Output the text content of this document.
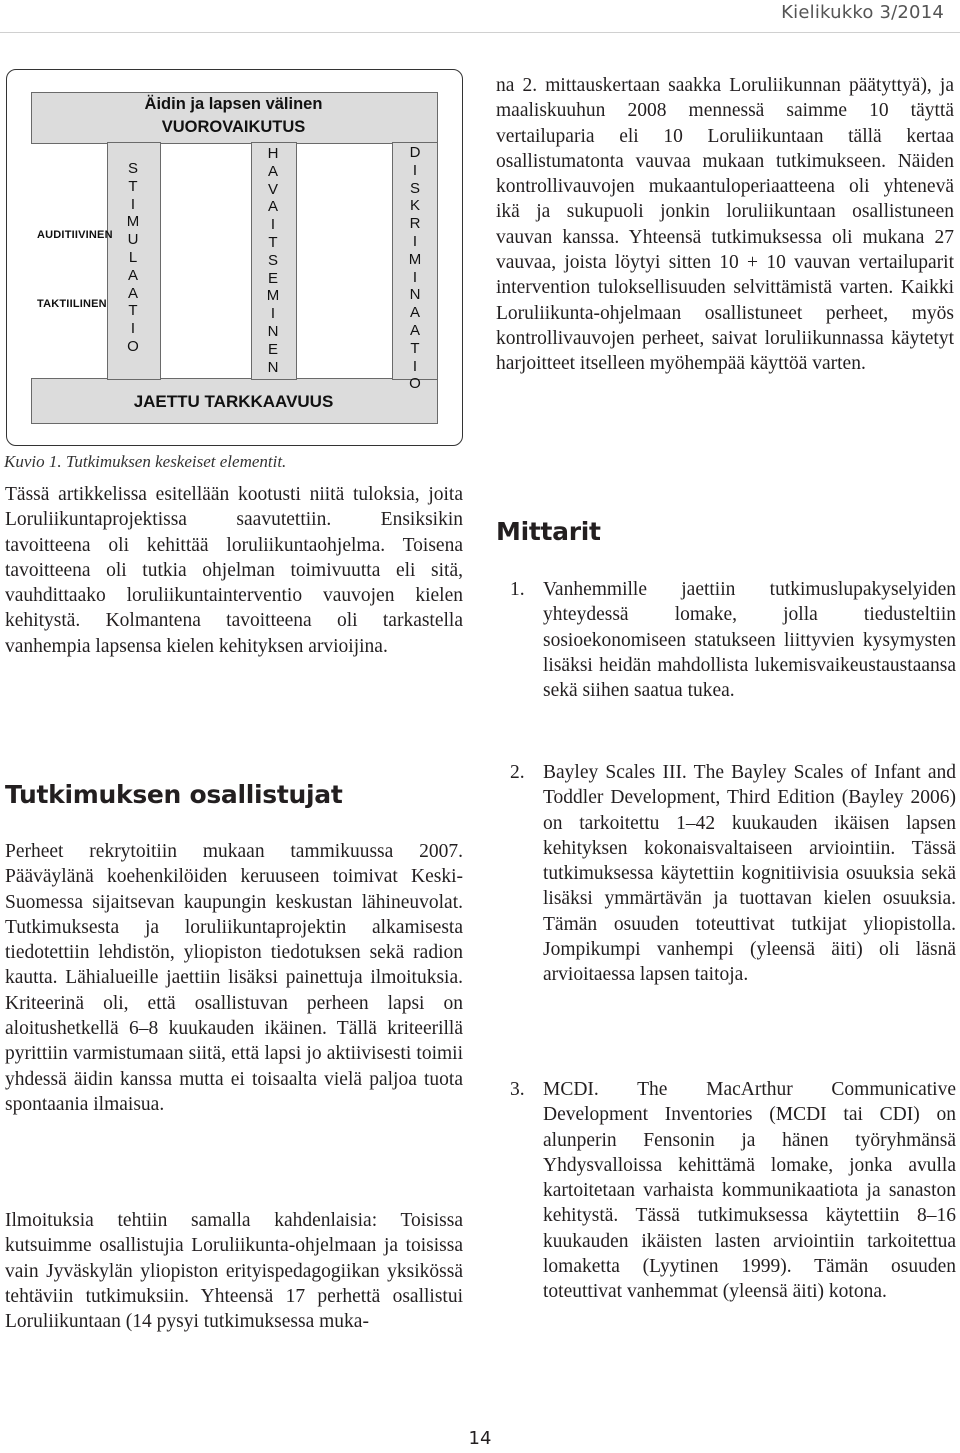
Kielikukko 3/2014
Äidin ja lapsen välinen
VUOROVAIKUTUS
JAETTU TARKKAAVUUS
S
T
I
M
U
L
A
A
T
I
O
H
A
V
A
I
T
S
E
M
I
N
E
N
D
I
S
K
R
I
M
I
N
A
A
T
I
O
AUDITIIVINEN
TAKTIILINEN
Kuvio 1. Tutkimuksen keskeiset elementit.

Tässä artikkelissa esitellään kootusti niitä tuloksia, joita Loruliikuntaprojektissa saavutettiin. Ensiksikin tavoitteena oli kehittää loruliikuntaohjelma. Toisena tavoitteena oli tutkia ohjelman toimivuutta eli sitä, vauhdittaako loruliikuntainterventio vauvojen kielen kehitystä. Kolmantena tavoitteena oli tarkastella vanhempia lapsensa kielen kehityksen arvioijina.

Tutkimuksen osallistujat

Perheet rekrytoitiin mukaan tammikuussa 2007. Pääväylänä koehenkilöiden keruuseen toimivat Keski-Suomessa sijaitsevan kaupungin keskustan lähineuvolat. Tutkimuksesta ja loruliikuntaprojektin alkamisesta tiedotettiin lehdistön, yliopiston tiedotuksen sekä radion kautta. Lähialueille jaettiin lisäksi painettuja ilmoituksia. Kriteerinä oli, että osallistuvan perheen lapsi on aloitushetkellä 6–8 kuukauden ikäinen. Tällä kriteerillä pyrittiin varmistumaan siitä, että lapsi jo aktiivisesti toimii yhdessä äidin kanssa mutta ei toisaalta vielä paljoa tuota spontaania ilmaisua.

Ilmoituksia tehtiin samalla kahdenlaisia: Toisissa kutsuimme osallistujia Loruliikunta-ohjelmaan ja toisissa vain Jyväskylän yliopiston erityispedagogiikan yksikössä tehtäviin tutkimuksiin. Yhteensä 17 perhettä osallistui Loruliikuntaan (14 pysyi tutkimuksessa muka-

na 2. mittauskertaan saakka Loruliikunnan päätyttyä), ja maaliskuuhun 2008 mennessä saimme 10 täyttä vertailuparia eli 10 Loruliikuntaan tällä kertaa osallistumatonta vauvaa mukaan tutkimukseen. Näiden kontrollivauvojen mukaantuloperiaatteena oli yhtenevä ikä ja sukupuoli jonkin loruliikuntaan osallistuneen vauvan kanssa. Yhteensä tutkimuksessa oli mukana 27 vauvaa, joista löytyi sitten 10 + 10 vauvan vertailuparit intervention tuloksellisuuden selvittämistä varten. Kaikki Loruliikunta-ohjelmaan osallistuneet perheet, myös kontrollivauvojen perheet, saivat loruliikunnassa käytetyt harjoitteet itselleen myöhempää käyttöä varten.

Mittarit
1. Vanhemmille jaettiin tutkimuslupakyselyiden yhteydessä lomake, jolla tiedusteltiin sosioekonomiseen statukseen liittyvien kysymysten lisäksi heidän mahdollista lukemisvaikeustaustaansa sekä siihen saatua tukea.
2. Bayley Scales III. The Bayley Scales of Infant and Toddler Development, Third Edition (Bayley 2006) on tarkoitettu 1–42 kuukauden ikäisen lapsen kehityksen kokonaisvaltaiseen arviointiin. Tässä tutkimuksessa käytettiin kognitiivisia osuuksia sekä lisäksi ymmärtävän ja tuottavan kielen osuuksia. Tämän osuuden toteuttivat tutkijat yliopistolla. Jompikumpi vanhempi (yleensä äiti) oli läsnä arvioitaessa lapsen taitoja.
3. MCDI. The MacArthur Communicative Development Inventories (MCDI tai CDI) on alunperin Fensonin ja hänen työryhmänsä Yhdysvalloissa kehittämä lomake, jonka avulla kartoitetaan varhaista kommunikaatiota ja sanaston kehitystä. Tässä tutkimuksessa käytettiin 8–16 kuukauden ikäisten lasten arviointiin tarkoitettua lomaketta (Lyytinen 1999). Tämän osuuden toteuttivat vanhemmat (yleensä äiti) kotona.
14
